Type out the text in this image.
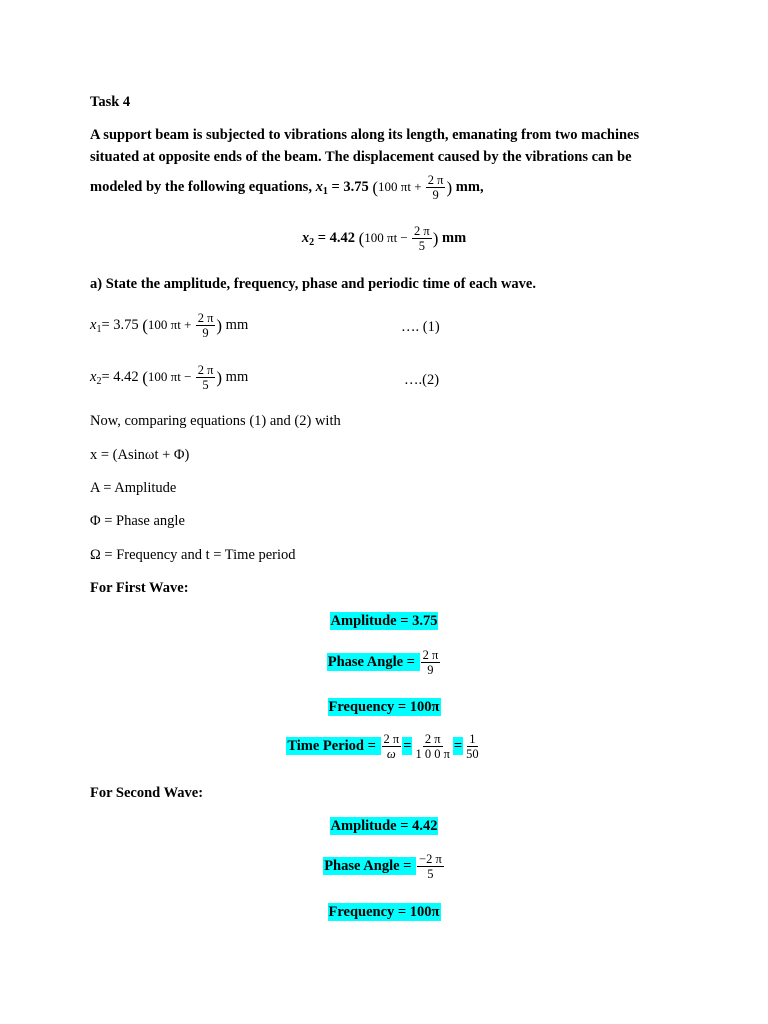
Task 4
A support beam is subjected to vibrations along its length, emanating from two machines
situated at opposite ends of the beam. The displacement caused by the vibrations can be
modeled by the following equations, $x_1 = 3.75$ (100 $\pi t + \frac{2 \pi}{9}$ ) mm,
$x_2 = 4.42$ (100 $\pi t - \frac{2 \pi}{5}$ ) mm
a) State the amplitude, frequency, phase and periodic time of each wave.
$x_1= 3.75$ (100 $\pi t + \frac{2 \pi}{9}$ ) mm	…. (1)
$x_2= 4.42$ (100 $\pi t - \frac{2 \pi}{5}$ ) mm	….(2)
Now, comparing equations (1) and (2) with
x = (Asinωt + Φ)
A = Amplitude
Φ = Phase angle
Ω = Frequency and t = Time period
For First Wave:
Amplitude = 3.75
Phase Angle = $\frac{2 \pi}{9}$
Frequency = 100π
Time Period = $\frac{2 \pi}{\omega} = \frac{2 \pi}{1 0 0 \pi} = \frac{1}{50}$
For Second Wave:
Amplitude = 4.42
Phase Angle = $\frac{-2 \pi}{5}$
Frequency = 100π
